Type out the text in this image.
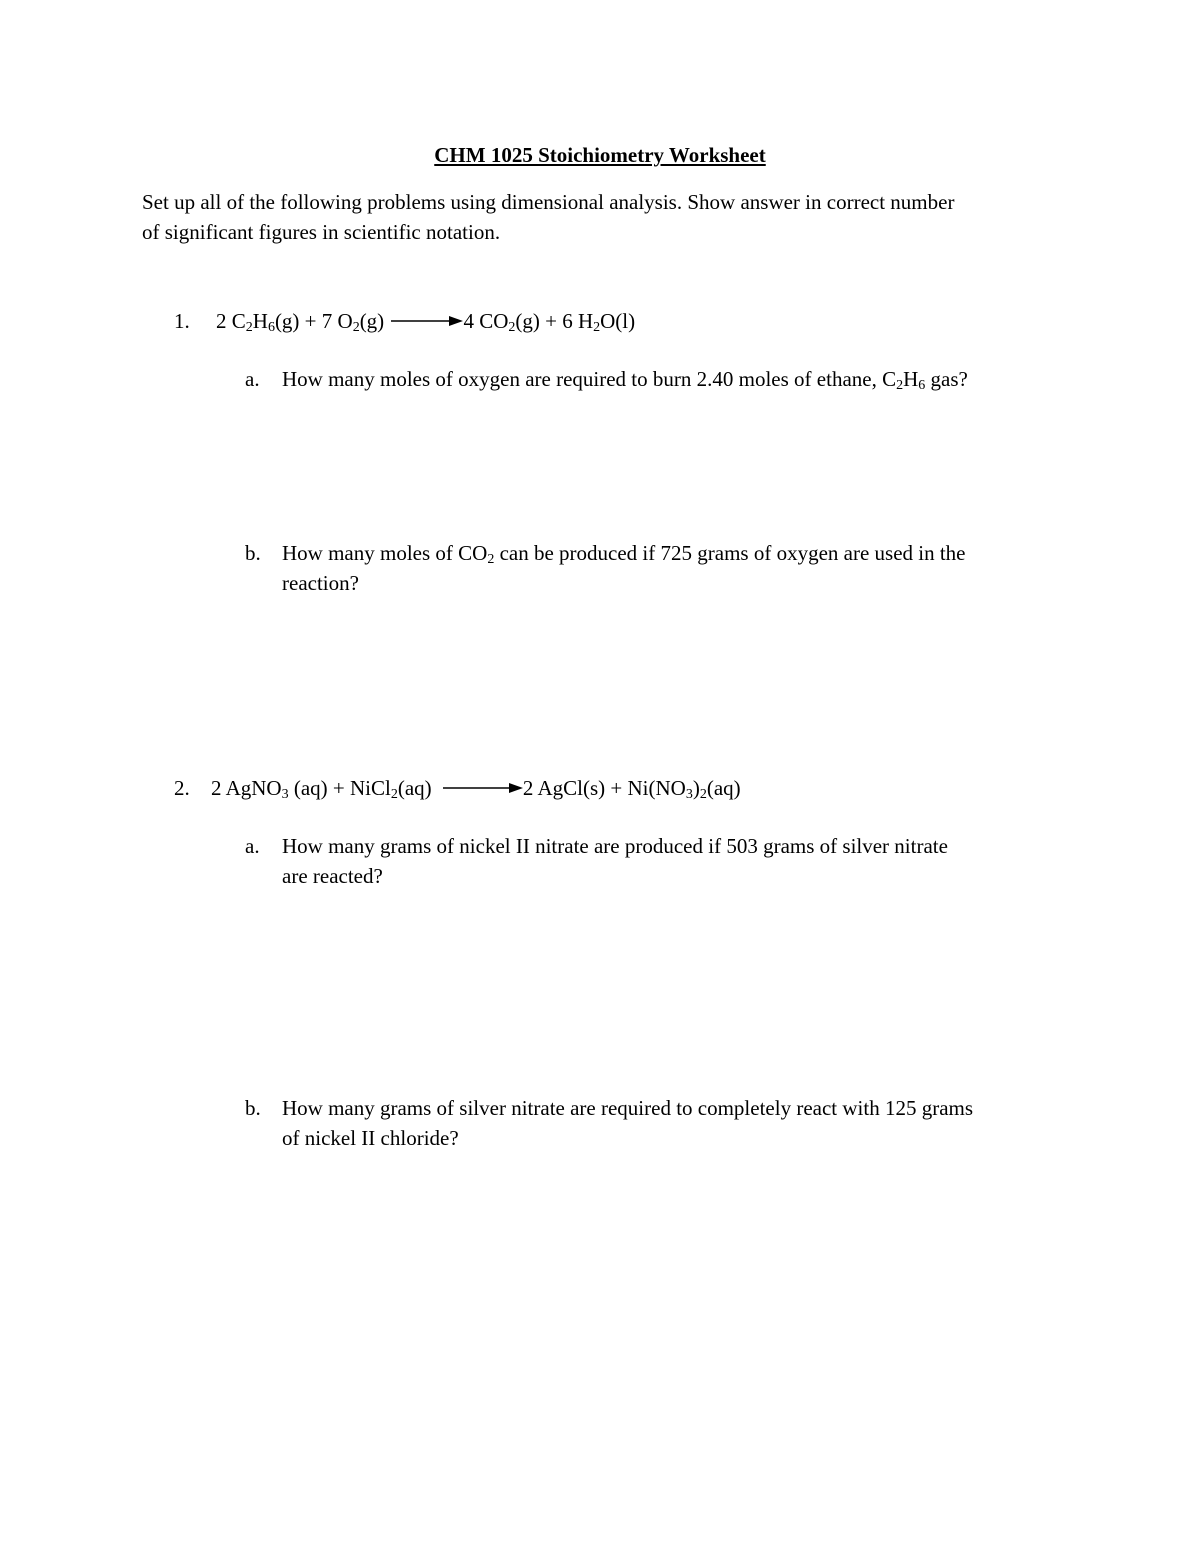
CHM 1025 Stoichiometry Worksheet
Set up all of the following problems using dimensional analysis. Show answer in correct number
of significant figures in scientific notation.
1. 2 $C_2H_6(g) + 7$ $O_2(g) \to 4$ $CO_2(g) + 6$ $H_2O(l)$
a. How many moles of oxygen are required to burn 2.40 moles of ethane, $C_2H_6$ gas?
b. How many moles of $CO_2$ can be produced if 725 grams of oxygen are used in the
reaction?
2. 2 AgNO$_3$ (aq) + NiCl$_2$(aq) →2 AgCl(s) + $Ni(NO_3)_2(aq)$
a. How many grams of nickel II nitrate are produced if 503 grams of silver nitrate
are reacted?
b. How many grams of silver nitrate are required to completely react with 125 grams
of nickel II chloride?
